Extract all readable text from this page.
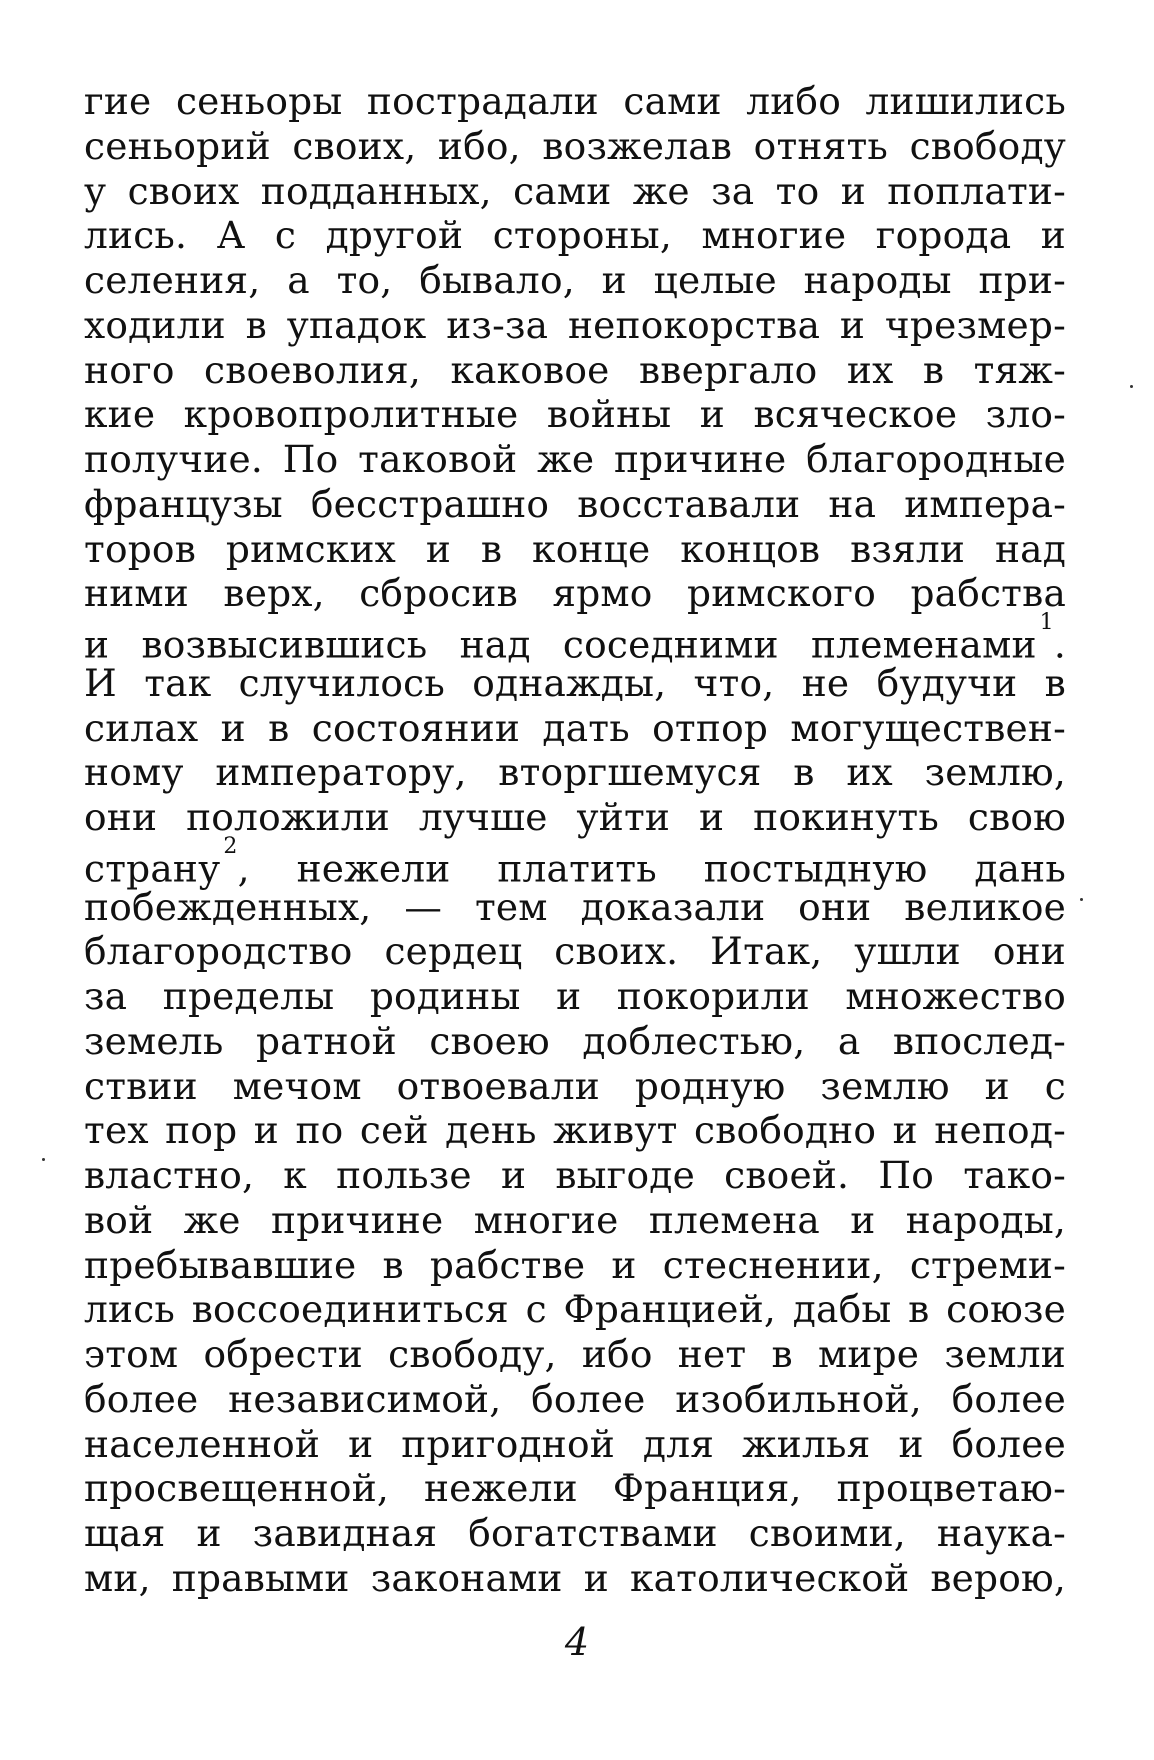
гие сеньоры пострадали сами либо лишились
сеньорий своих, ибо, возжелав отнять свободу
у своих подданных, сами же за то и поплати-
лись. А с другой стороны, многие города и
селения, а то, бывало, и целые народы при-
ходили в упадок из-за непокорства и чрезмер-
ного своеволия, каковое ввергало их в тяж-
кие кровопролитные войны и всяческое зло-
получие. По таковой же причине благородные
французы бесстрашно восставали на импера-
торов римских и в конце концов взяли над
ними верх, сбросив ярмо римского рабства
и возвысившись над соседними племенами $^1$.
И так случилось однажды, что, не будучи в
силах и в состоянии дать отпор могуществен-
ному императору, вторгшемуся в их землю,
они положили лучше уйти и покинуть свою
страну $^2$, нежели платить постыдную дань
побежденных, — тем доказали они великое
благородство сердец своих. Итак, ушли они
за пределы родины и покорили множество
земель ратной своею доблестью, а впослед-
ствии мечом отвоевали родную землю и с
тех пор и по сей день живут свободно и непод-
властно, к пользе и выгоде своей. По тако-
вой же причине многие племена и народы,
пребывавшие в рабстве и стеснении, стреми-
лись воссоединиться с Францией, дабы в союзе
этом обрести свободу, ибо нет в мире земли
более независимой, более изобильной, более
населенной и пригодной для жилья и более
просвещенной, нежели Франция, процветаю-
щая и завидная богатствами своими, наука-
ми, правыми законами и католической верою,
4
